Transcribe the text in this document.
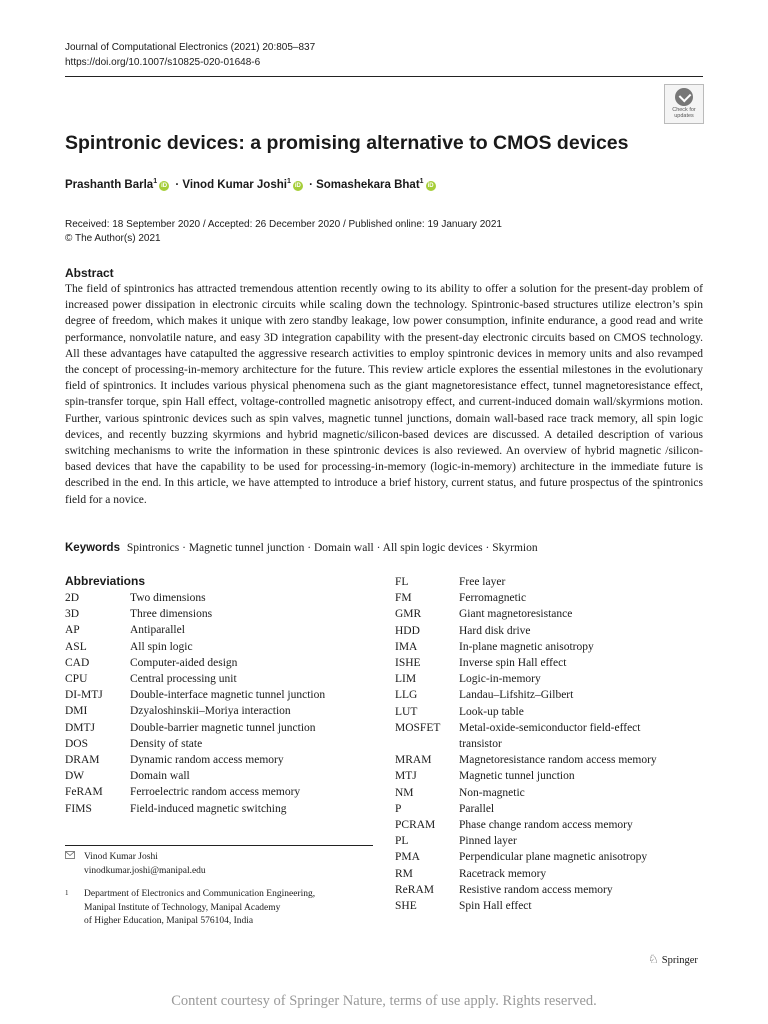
Journal of Computational Electronics (2021) 20:805–837
https://doi.org/10.1007/s10825-020-01648-6
Check for
updates
Spintronic devices: a promising alternative to CMOS devices
Prashanth Barla$^1$iD · Vinod Kumar Joshi$^1$iD · Somashekara Bhat$^1$iD
Received: 18 September 2020 / Accepted: 26 December 2020 / Published online: 19 January 2021
© The Author(s) 2021
Abstract
The field of spintronics has attracted tremendous attention recently owing to its ability to offer a solution for the present-day problem of increased power dissipation in electronic circuits while scaling down the technology. Spintronic-based structures utilize electron’s spin degree of freedom, which makes it unique with zero standby leakage, low power consumption, infinite endurance, a good read and write performance, nonvolatile nature, and easy 3D integration capability with the present-day electronic circuits based on CMOS technology. All these advantages have catapulted the aggressive research activities to employ spintronic devices in memory units and also revamped the concept of processing-in-memory architecture for the future. This review article explores the essential milestones in the evolutionary field of spintronics. It includes various physical phenomena such as the giant magnetoresistance effect, tunnel magnetoresistance effect, spin-transfer torque, spin Hall effect, voltage-controlled magnetic anisotropy effect, and current-induced domain wall/skyrmions motion. Further, various spintronic devices such as spin valves, magnetic tunnel junctions, domain wall-based race track memory, all spin logic devices, and recently buzzing skyrmions and hybrid magnetic/silicon-based devices are discussed. A detailed description of various switching mechanisms to write the information in these spintronic devices is also reviewed. An overview of hybrid magnetic /silicon-based devices that have the capability to be used for processing-in-memory (logic-in-memory) architecture in the immediate future is described in the end. In this article, we have attempted to introduce a brief history, current status, and future prospectus of the spintronics field for a novice.
Keywords Spintronics · Magnetic tunnel junction · Domain wall · All spin logic devices · Skyrmion
Abbreviations
2D	Two dimensions
3D	Three dimensions
AP	Antiparallel
ASL	All spin logic
CAD	Computer-aided design
CPU	Central processing unit
DI-MTJ	Double-interface magnetic tunnel junction
DMI	Dzyaloshinskii–Moriya interaction
DMTJ	Double-barrier magnetic tunnel junction
DOS	Density of state
DRAM	Dynamic random access memory
DW	Domain wall
FeRAM	Ferroelectric random access memory
FIMS	Field-induced magnetic switching
FL	Free layer
FM	Ferromagnetic
GMR	Giant magnetoresistance
HDD	Hard disk drive
IMA	In-plane magnetic anisotropy
ISHE	Inverse spin Hall effect
LIM	Logic-in-memory
LLG	Landau–Lifshitz–Gilbert
LUT	Look-up table
MOSFET	Metal-oxide-semiconductor field-effect
transistor
MRAM	Magnetoresistance random access memory
MTJ	Magnetic tunnel junction
NM	Non-magnetic
P	Parallel
PCRAM	Phase change random access memory
PL	Pinned layer
PMA	Perpendicular plane magnetic anisotropy
RM	Racetrack memory
ReRAM	Resistive random access memory
SHE	Spin Hall effect
Vinod Kumar Joshi
vinodkumar.joshi@manipal.edu
1	Department of Electronics and Communication Engineering,
Manipal Institute of Technology, Manipal Academy
of Higher Education, Manipal 576104, India
♘ Springer
Content courtesy of Springer Nature, terms of use apply. Rights reserved.
